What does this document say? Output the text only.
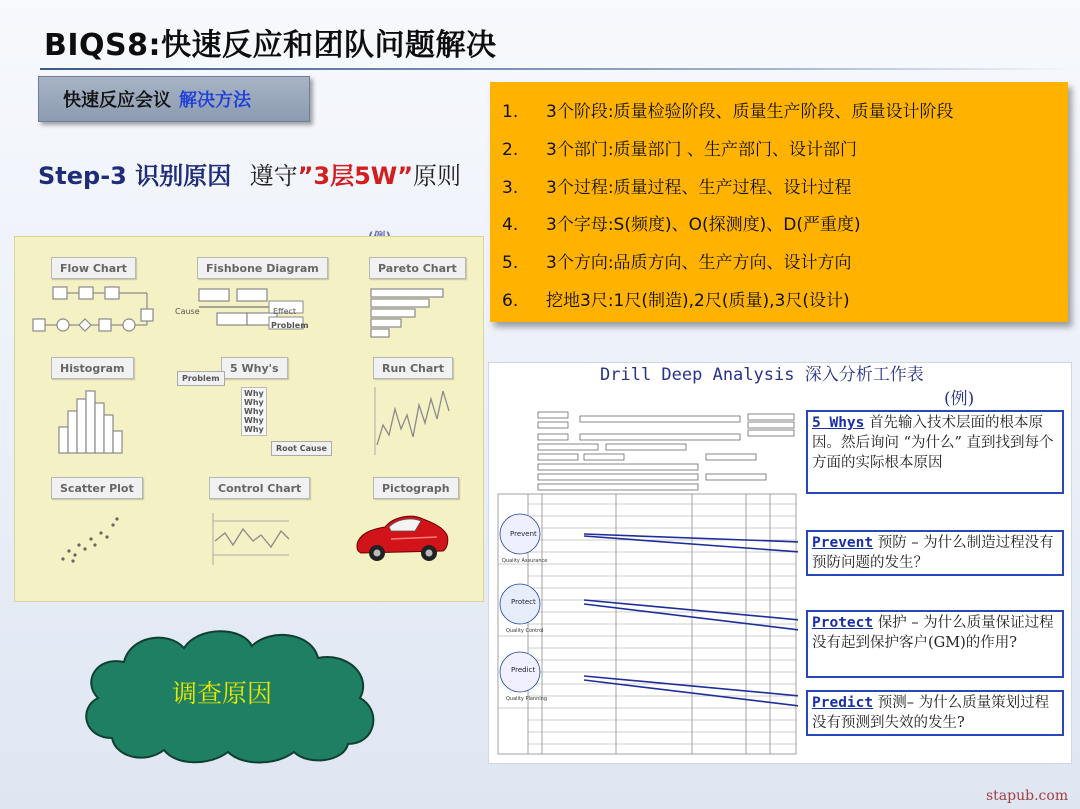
BIQS8:快速反应和团队问题解决
快速反应会议 解决方法
Step-3 识别原因 遵守”3层5W”原则
Flow Chart	Fishbone Diagram	Pareto Chart
Cause	Effect
Problem
Histogram	5 Why's	Run Chart
Problem
Why
Why
Why
Why
Why
Root Cause
Scatter Plot	Control Chart	Pictograph
1. 3个阶段:质量检验阶段、质量生产阶段、质量设计阶段
2. 3个部门:质量部门 、生产部门、设计部门
3. 3个过程:质量过程、生产过程、设计过程
4. 3个字母:S(频度)、O(探测度)、D(严重度)
5. 3个方向:品质方向、生产方向、设计方向
6. 挖地3尺:1尺(制造),2尺(质量),3尺(设计)
Drill Deep Analysis 深入分析工作表
(例)
Prevent
Protect
Predict
Quality Assurance
Quality Control
Quality Planning
5 Whys 首先输入技术层面的根本原因。然后询问 “为什么” 直到找到每个方面的实际根本原因
Prevent 预防 – 为什么制造过程没有预防问题的发生？
Protect 保护 – 为什么质量保证过程没有起到保护客户(GM)的作用?
Predict 预测– 为什么质量策划过程没有预测到失效的发生?
调查原因
stapub.com
